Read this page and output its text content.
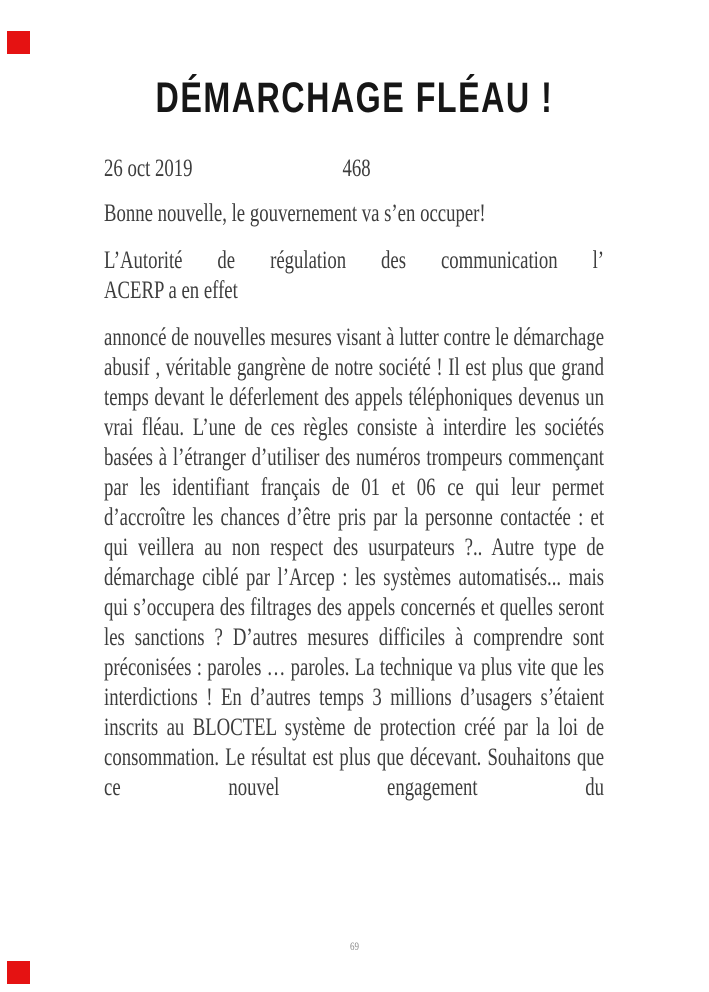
DÉMARCHAGE FLÉAU !
26 oct 2019	468

Bonne nouvelle, le gouvernement va s’en occuper!

L’Autorité de régulation des communication l’
ACERP a en effet

annoncé de nouvelles mesures visant à lutter contre le démarchage abusif , véritable gangrène de notre société ! Il est plus que grand temps devant le déferlement des appels téléphoniques devenus un vrai fléau. L’une de ces règles consiste à interdire les sociétés basées à l’étranger d’utiliser des numéros trompeurs commençant par les identifiant français de 01 et 06 ce qui leur permet d’accroître les chances d’être pris par la personne contactée : et qui veillera au non respect des usurpateurs ?.. Autre type de démarchage ciblé par l’Arcep : les systèmes automatisés... mais qui s’occupera des filtrages des appels concernés et quelles seront les sanctions ? D’autres mesures difficiles à comprendre sont préconisées : paroles … paroles. La technique va plus vite que les interdictions ! En d’autres temps 3 millions d’usagers s’étaient inscrits au BLOCTEL système de protection créé par la loi de consommation. Le résultat est plus que décevant. Souhaitons que ce nouvel engagement du

69
